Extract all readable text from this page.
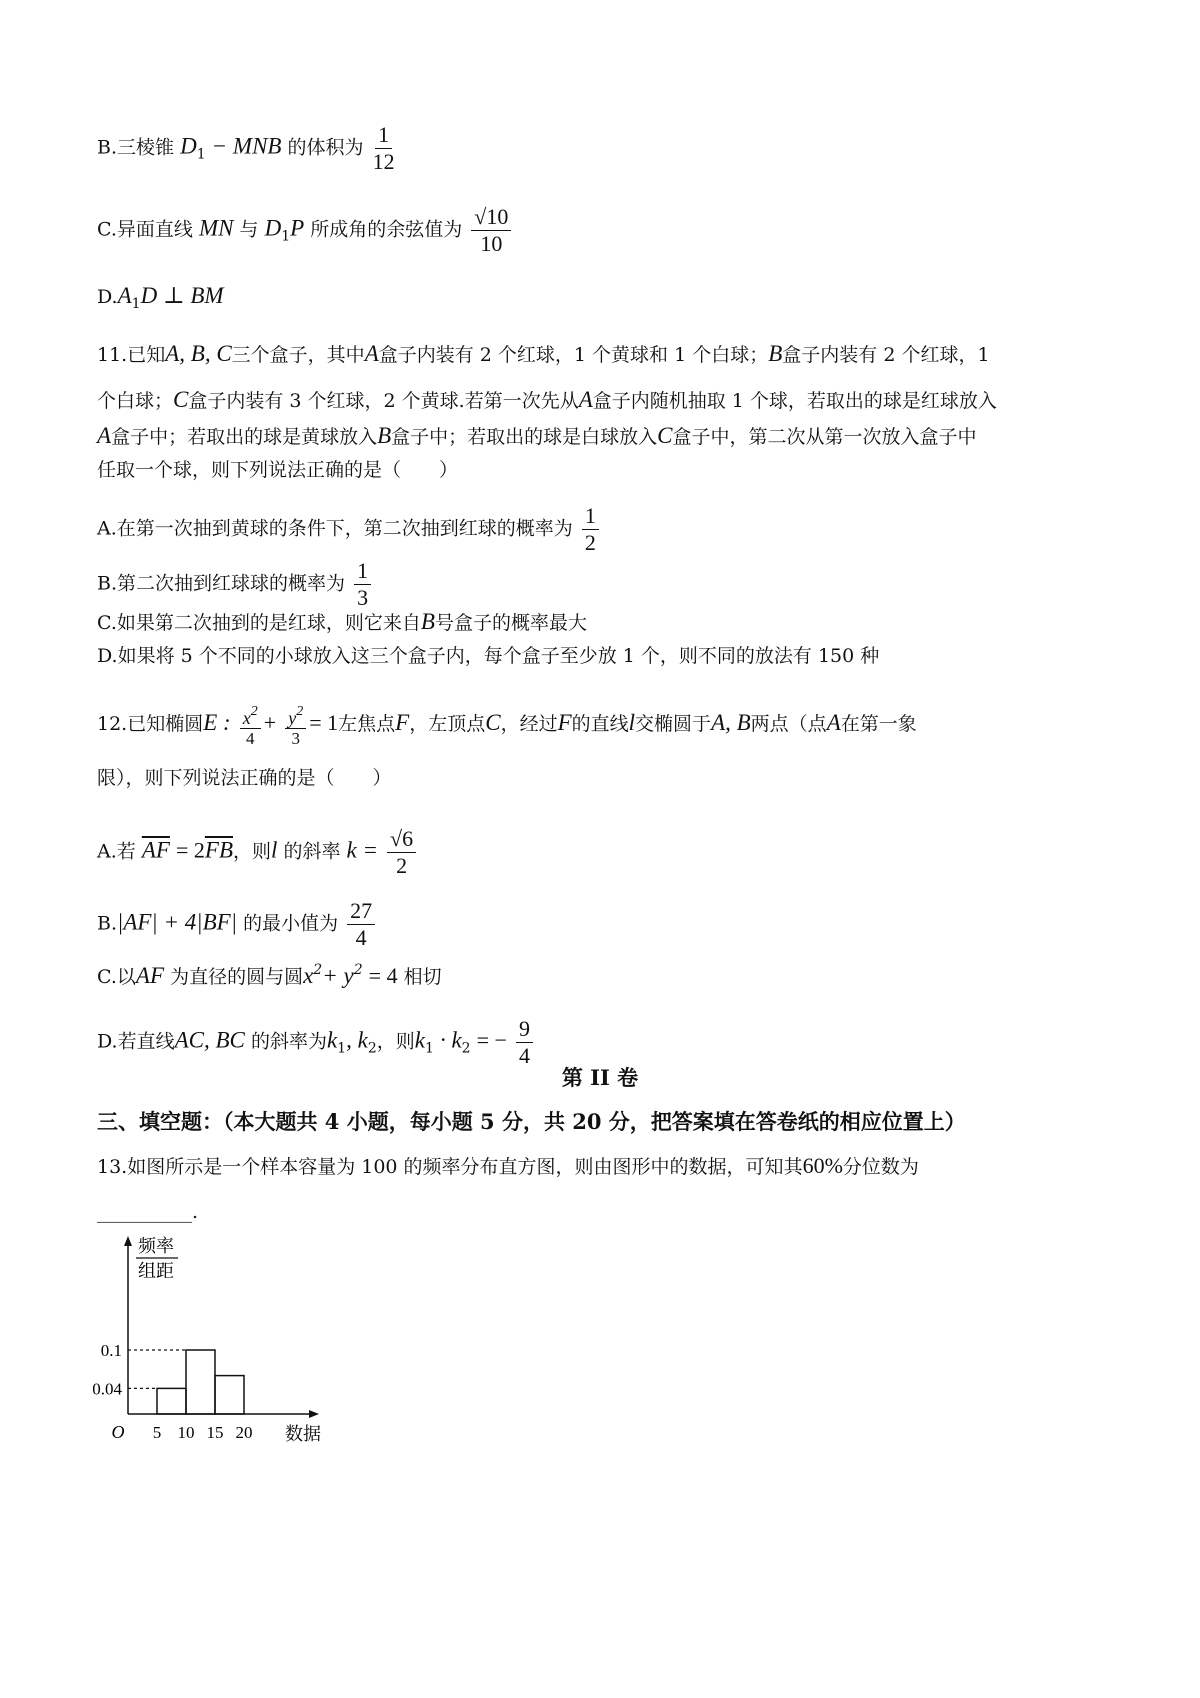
B.三棱锥 $D_1$ − MNB 的体积为 $\frac{1}{12}$
C.异面直线 MN 与 $D_1P$ 所成角的余弦值为 $\frac{√10}{10}$
$D.A_1D$ ⊥ BM
11.已知A, B, C三个盒子，其中A盒子内装有 2 个红球，1 个黄球和 1 个白球；B盒子内装有 2 个红球，1
个白球；C盒子内装有 3 个红球，2 个黄球.若第一次先从A盒子内随机抽取 1 个球，若取出的球是红球放入
A盒子中；若取出的球是黄球放入B盒子中；若取出的球是白球放入C盒子中，第二次从第一次放入盒子中
任取一个球，则下列说法正确的是（　　）
A.在第一次抽到黄球的条件下，第二次抽到红球的概率为 $\frac{1}{2}$
B.第二次抽到红球球的概率为 $\frac{1}{3}$
C.如果第二次抽到的是红球，则它来自B号盒子的概率最大
D.如果将 5 个不同的小球放入这三个盒子内，每个盒子至少放 1 个，则不同的放法有 150 种
12.已知椭圆E : $\frac{x^2}{4} + \frac{y^2}{3} = 1$左焦点F，左顶点C，经过F的直线l交椭圆于A, B两点（点A在第一象
限），则下列说法正确的是（　　）
A.若 $\overline{AF} = 2\overline{FB}$，则l 的斜率 $k = \frac{√6}{2}$
B.|AF| + 4|BF| 的最小值为 $\frac{27}{4}$
C.以AF 为直径的圆与圆$x^2+ y^2 = 4$ 相切
D.若直线AC, BC 的斜率为$k_1$, $k_2$，则$k_1 \cdot k_2$ = − $\frac{9}{4}$
第 II 卷
三、填空题：（本大题共 4 小题，每小题 5 分，共 20 分，把答案填在答卷纸的相应位置上）
13.如图所示是一个样本容量为 100 的频率分布直方图，则由图形中的数据，可知其60%分位数为
__________.
0.04
0.1
5 10 15 20
O	数据
频率
组距
